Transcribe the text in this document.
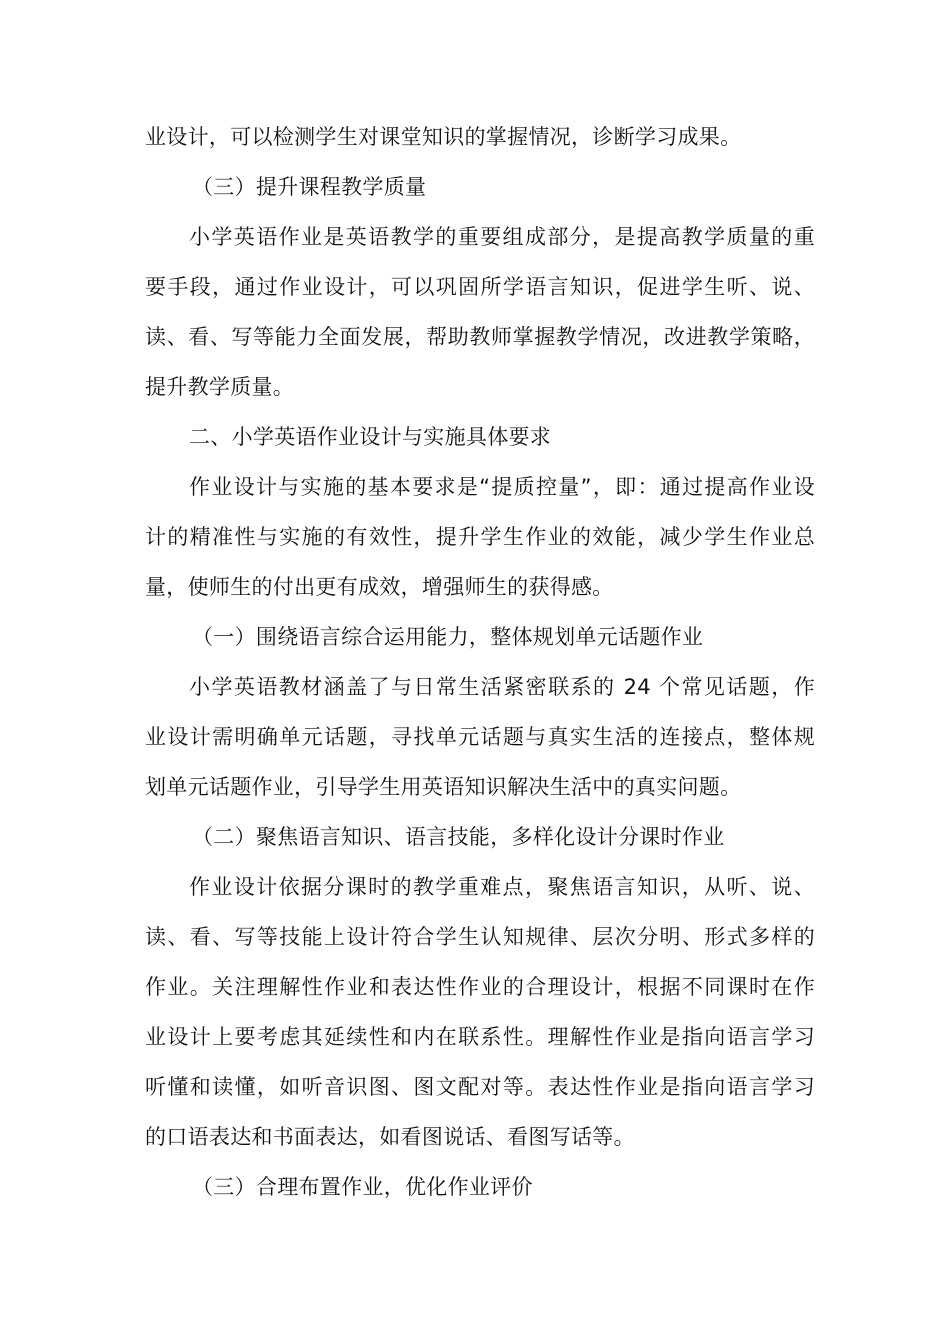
业设计，可以检测学生对课堂知识的掌握情况，诊断学习成果。
（三）提升课程教学质量
小学英语作业是英语教学的重要组成部分，是提高教学质量的重
要手段，通过作业设计，可以巩固所学语言知识，促进学生听、说、
读、看、写等能力全面发展，帮助教师掌握教学情况，改进教学策略，
提升教学质量。
二、小学英语作业设计与实施具体要求
作业设计与实施的基本要求是“提质控量”，即：通过提高作业设
计的精准性与实施的有效性，提升学生作业的效能，减少学生作业总
量，使师生的付出更有成效，增强师生的获得感。
（一）围绕语言综合运用能力，整体规划单元话题作业
小学英语教材涵盖了与日常生活紧密联系的 24 个常见话题，作
业设计需明确单元话题，寻找单元话题与真实生活的连接点，整体规
划单元话题作业，引导学生用英语知识解决生活中的真实问题。
（二）聚焦语言知识、语言技能，多样化设计分课时作业
作业设计依据分课时的教学重难点，聚焦语言知识，从听、说、
读、看、写等技能上设计符合学生认知规律、层次分明、形式多样的
作业。关注理解性作业和表达性作业的合理设计，根据不同课时在作
业设计上要考虑其延续性和内在联系性。理解性作业是指向语言学习
听懂和读懂，如听音识图、图文配对等。表达性作业是指向语言学习
的口语表达和书面表达，如看图说话、看图写话等。
（三）合理布置作业，优化作业评价
